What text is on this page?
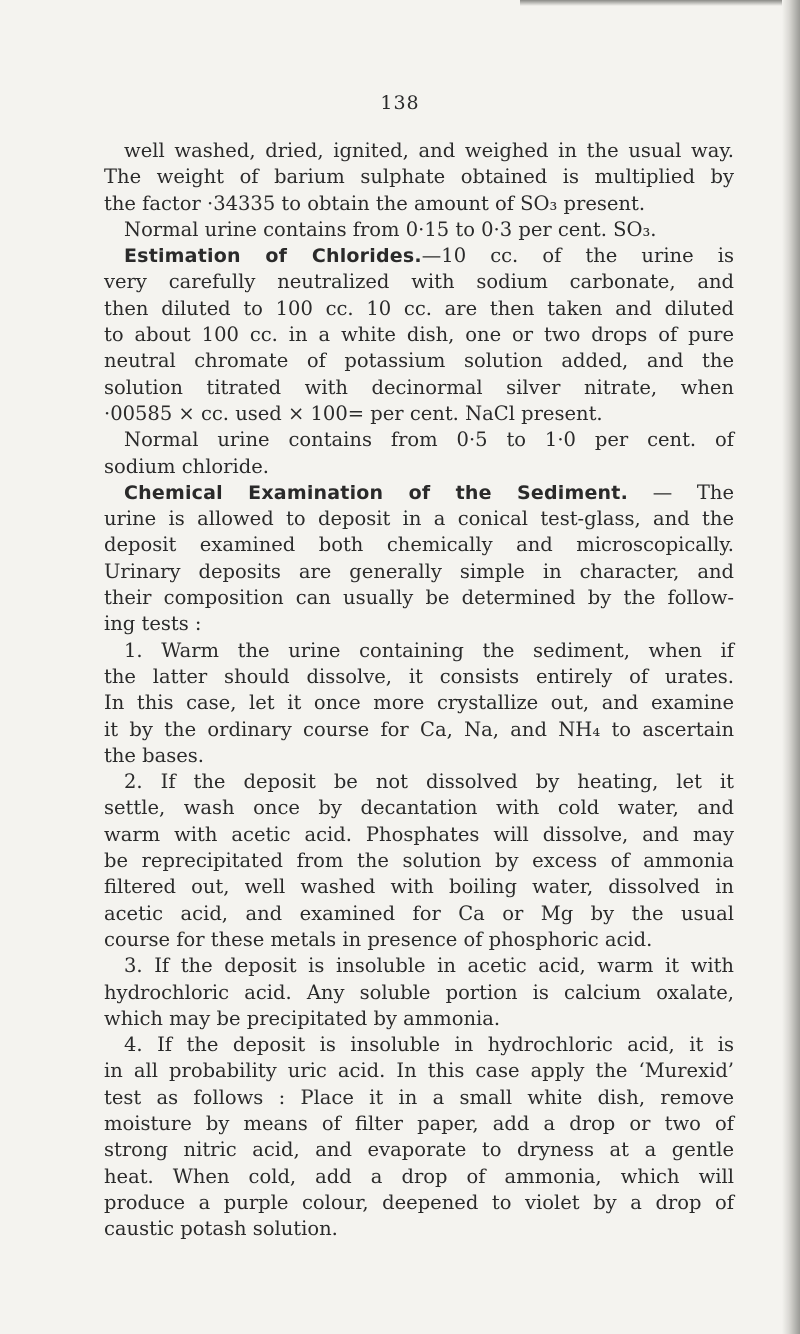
138
well washed, dried, ignited, and weighed in the usual way.
The weight of barium sulphate obtained is multiplied by
the factor ·34335 to obtain the amount of SO₃ present.
Normal urine contains from 0·15 to 0·3 per cent. SO₃.
Estimation of Chlorides.—10 cc. of the urine is
very carefully neutralized with sodium carbonate, and
then diluted to 100 cc. 10 cc. are then taken and diluted
to about 100 cc. in a white dish, one or two drops of pure
neutral chromate of potassium solution added, and the
solution titrated with decinormal silver nitrate, when
·00585 × cc. used × 100= per cent. NaCl present.
Normal urine contains from 0·5 to 1·0 per cent. of
sodium chloride.
Chemical Examination of the Sediment. — The
urine is allowed to deposit in a conical test-glass, and the
deposit examined both chemically and microscopically.
Urinary deposits are generally simple in character, and
their composition can usually be determined by the follow-
ing tests :
1. Warm the urine containing the sediment, when if
the latter should dissolve, it consists entirely of urates.
In this case, let it once more crystallize out, and examine
it by the ordinary course for Ca, Na, and NH₄ to ascertain
the bases.
2. If the deposit be not dissolved by heating, let it
settle, wash once by decantation with cold water, and
warm with acetic acid. Phosphates will dissolve, and may
be reprecipitated from the solution by excess of ammonia
filtered out, well washed with boiling water, dissolved in
acetic acid, and examined for Ca or Mg by the usual
course for these metals in presence of phosphoric acid.
3. If the deposit is insoluble in acetic acid, warm it with
hydrochloric acid. Any soluble portion is calcium oxalate,
which may be precipitated by ammonia.
4. If the deposit is insoluble in hydrochloric acid, it is
in all probability uric acid. In this case apply the ‘Murexid’
test as follows : Place it in a small white dish, remove
moisture by means of filter paper, add a drop or two of
strong nitric acid, and evaporate to dryness at a gentle
heat. When cold, add a drop of ammonia, which will
produce a purple colour, deepened to violet by a drop of
caustic potash solution.
